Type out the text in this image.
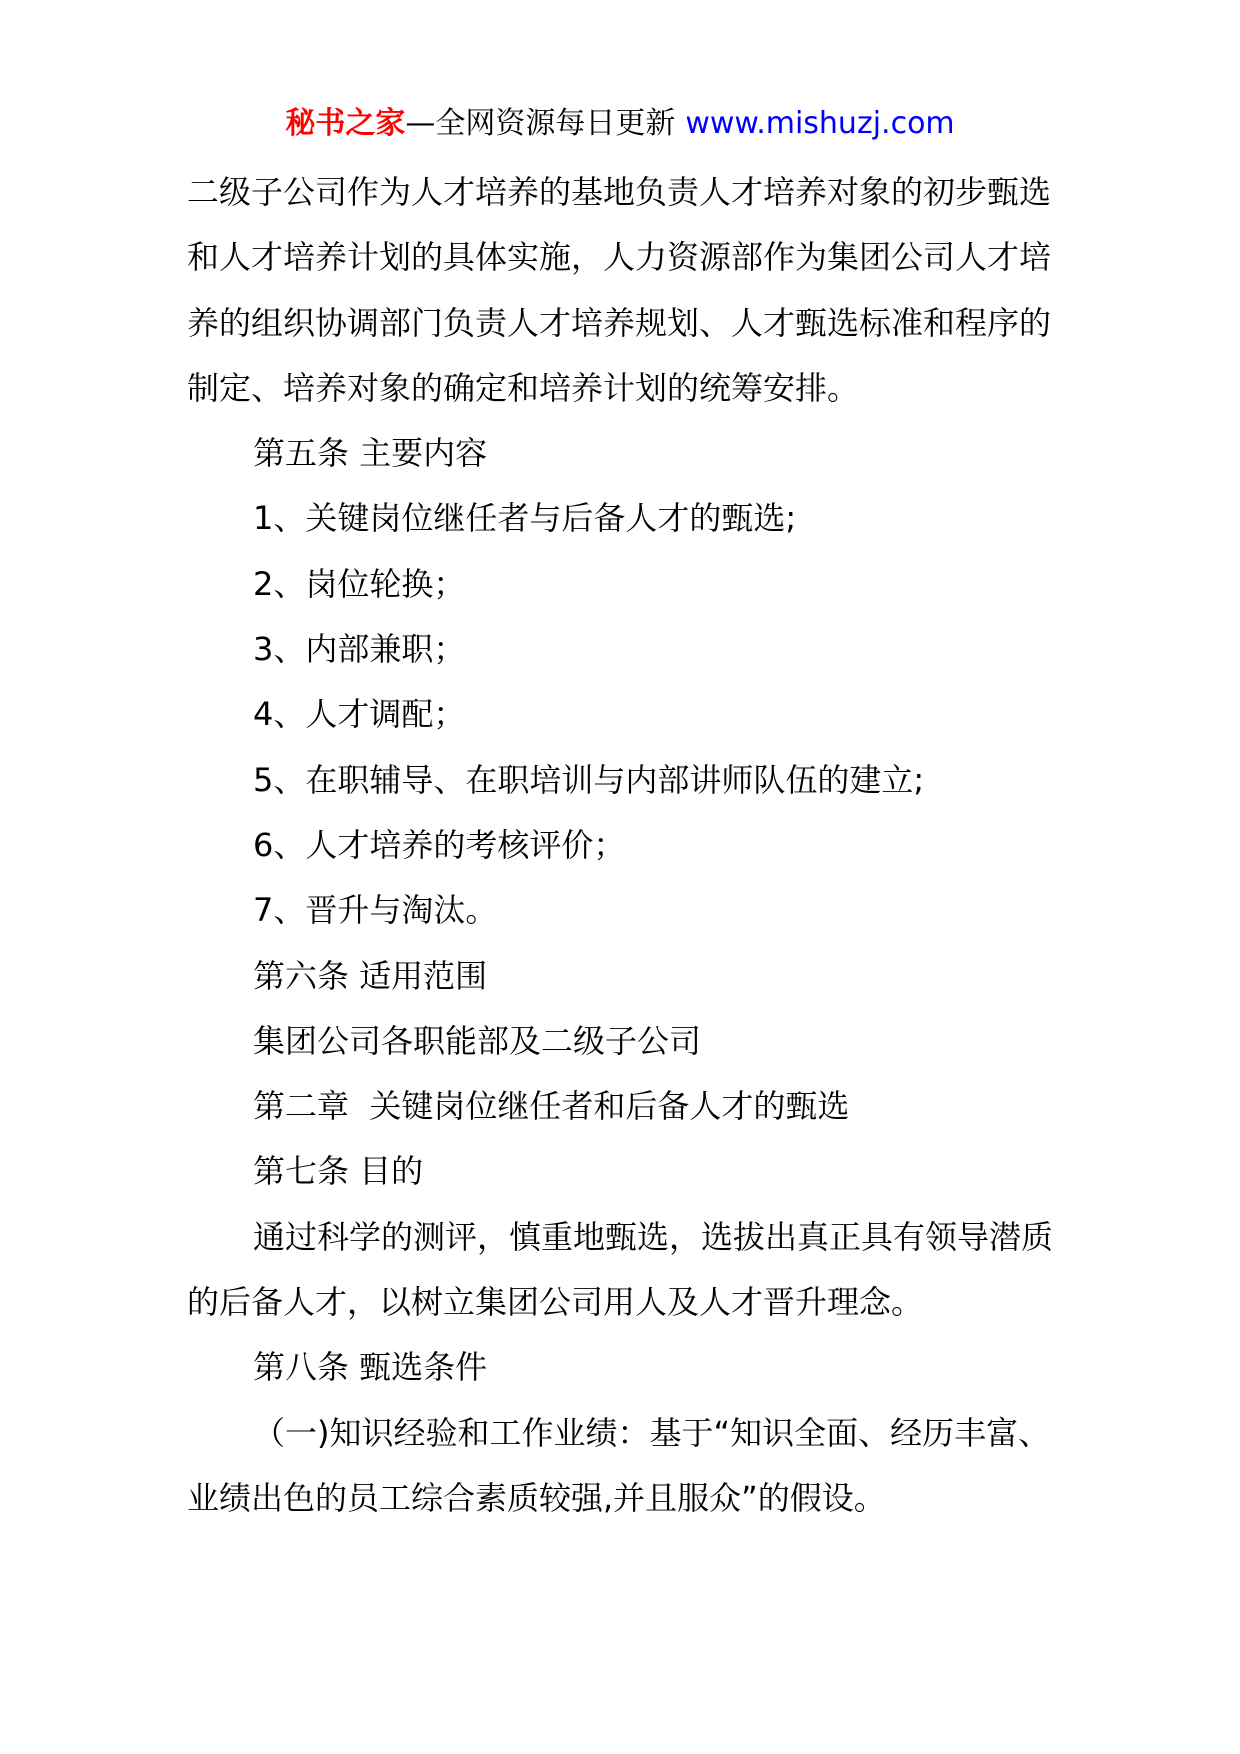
秘书之家—全网资源每日更新 www.mishuzj.com

二级子公司作为人才培养的基地负责人才培养对象的初步甄选和人才培养计划的具体实施，人力资源部作为集团公司人才培养的组织协调部门负责人才培养规划、人才甄选标准和程序的制定、培养对象的确定和培养计划的统筹安排。

第五条 主要内容

1、关键岗位继任者与后备人才的甄选;

2、岗位轮换；

3、内部兼职；

4、人才调配；

5、在职辅导、在职培训与内部讲师队伍的建立;

6、人才培养的考核评价；

7、晋升与淘汰。

第六条 适用范围

集团公司各职能部及二级子公司

第二章  关键岗位继任者和后备人才的甄选

第七条 目的

通过科学的测评，慎重地甄选，选拔出真正具有领导潜质的后备人才，以树立集团公司用人及人才晋升理念。

第八条 甄选条件

（一)知识经验和工作业绩：基于“知识全面、经历丰富、业绩出色的员工综合素质较强,并且服众”的假设。
